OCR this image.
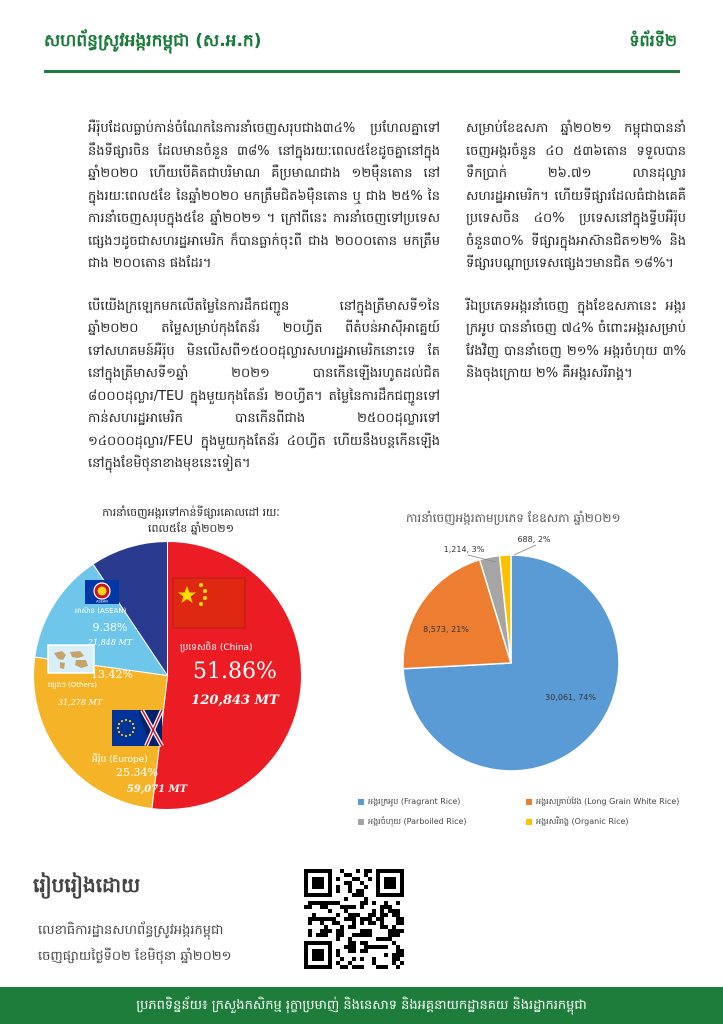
សហព័ន្ធស្រូវអង្ករកម្ពុជា (ស.អ.ក)	ទំព័រទី២

អឺរ៉ុបដែលធ្លាប់កាន់ចំណែកនៃការនាំចេញសរុបជាង៣៤% ប្រហែលគ្នាទៅនឹងទីផ្សារចិន ដែលមានចំនួន ៣៨% នៅក្នុងរយៈពេល៥ខែដូចគ្នានៅក្នុងឆ្នាំ២០២០ ហើយបើគិតជាបរិមាណ គឺប្រមាណជាង ១២ម៉ឺនតោន នៅក្នុងរយៈពេល៥ខែ នៃឆ្នាំ២០២០ មកត្រឹមជិត៦ម៉ឺនតោន ឬ ជាង ២៥% នៃការនាំចេញសរុបក្នុង៥ខែ ឆ្នាំ២០២១ ។ ក្រៅពីនេះ ការនាំចេញទៅប្រទេសផ្សេងៗដូចជាសហរដ្ឋអាមេរិក ក៏បានធ្លាក់ចុះពី ជាង ២០០០តោន មកត្រឹមជាង ២០០តោន ផងដែរ។

បើយើងក្រឡេកមកលើតម្លៃនៃការដឹកជញ្ជូន នៅក្នុងត្រីមាសទី១នៃឆ្នាំ២០២០ តម្លៃសម្រាប់កុងតែន័រ ២០ហ្វីត ពីតំបន់អាស៊ីអាគ្នេយ៍ទៅសហគមន៍អឺរ៉ុប មិនលើសពី១៥០០ដុល្លារសហរដ្ឋអាមេរិកនោះទេ តែនៅក្នុងត្រីមាសទី១ឆ្នាំ ២០២១ បានកើនឡើងរហូតដល់ជិត ៨០០០ដុល្លារ/TEU ក្នុងមួយកុងតែន័រ ២០ហ្វីត។ តម្លៃនៃការដឹកជញ្ជូនទៅកាន់សហរដ្ឋអាមេរិក បានកើនពីជាង ២៥០០ដុល្លារទៅ ១៤០០០ដុល្លារ/FEU ក្នុងមួយកុងតែន័រ ៤០ហ្វីត ហើយនឹងបន្តកើនឡើងនៅក្នុងខែមិថុនាខាងមុខនេះទៀត។

សម្រាប់ខែឧសភា ឆ្នាំ២០២១ កម្ពុជាបាននាំចេញអង្ករចំនួន ៤០ ៥៣៦តោន ទទួលបានទឹកប្រាក់ ២៦.៧១ លានដុល្លារសហរដ្ឋអាមេរិក។ ហើយទីផ្សារដែលធំជាងគេគឺ ប្រទេសចិន ៤០% ប្រទេសនៅក្នុងទ្វីបអឺរ៉ុប ចំនួន៣០% ទីផ្សារក្នុងអាស៊ានជិត១២% និង ទីផ្សារបណ្តាប្រទេសផ្សេងៗមានជិត ១៨%។

រីឯប្រភេទអង្ករនាំចេញ ក្នុងខែឧសភានេះ អង្ករក្រអូប បាននាំចេញ ៧៤% ចំពោះអង្ករសម្រាប់វែងវិញ បាននាំចេញ ២១% អង្ករចំហុយ ៣% និងចុងក្រោយ ២% គឺអង្ករសរីរាង្គ។

ការនាំចេញអង្ករទៅកាន់ទីផ្សារគោលដៅ រយៈពេល៥ខែ ឆ្នាំ២០២១
ASEAN
ប្រទេសចិន (China)
51.86%
120,843 MT
អាស៊ាន (ASEAN)
9.38%
21,848 MT
ផ្សេងៗ (Others)
13.42%
31,278 MT
អឺរ៉ុប (Europe)
25.34%
59,071 MT
ការនាំចេញអង្ករតាមប្រភេទ ខែឧសភា ឆ្នាំ២០២១
30,061, 74%
8,573, 21%
1,214, 3%
688, 2%
អង្ករក្រអូប (Fragrant Rice)	អង្ករសគ្រាប់វែង (Long Grain White Rice)
អង្ករចំហុយ (Parboiled Rice)	អង្ករសរីរាង្គ (Organic Rice)
រៀបរៀងដោយ
លេខាធិការដ្ឋានសហព័ន្ធស្រូវអង្ករកម្ពុជា
ចេញផ្សាយថ្ងៃទី០២ ខែមិថុនា ឆ្នាំ២០២១
ប្រភពទិន្នន័យ៖ ក្រសួងកសិកម្ម រុក្ខាប្រមាញ់ និងនេសាទ និងអគ្គនាយកដ្ឋានគយ និងរដ្ឋាករកម្ពុជា
